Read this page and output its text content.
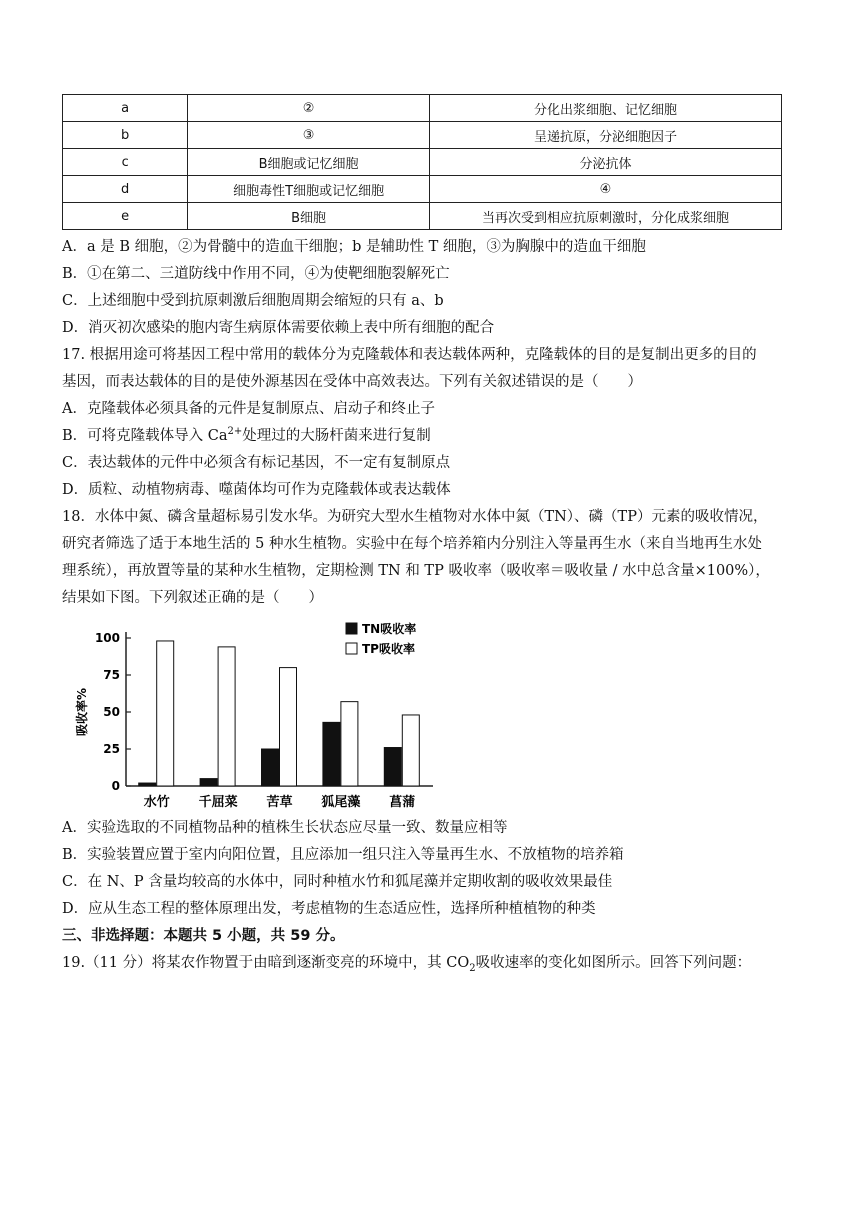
a	②	分化出浆细胞、记忆细胞
b	③	呈递抗原，分泌细胞因子
c	B细胞或记忆细胞	分泌抗体
d	细胞毒性T细胞或记忆细胞	④
e	B细胞	当再次受到相应抗原刺激时，分化成浆细胞
A．a 是 B 细胞，②为骨髓中的造血干细胞；b 是辅助性 T 细胞，③为胸腺中的造血干细胞
B．①在第二、三道防线中作用不同，④为使靶细胞裂解死亡
C．上述细胞中受到抗原刺激后细胞周期会缩短的只有 a、b
D．消灭初次感染的胞内寄生病原体需要依赖上表中所有细胞的配合
17. 根据用途可将基因工程中常用的载体分为克隆载体和表达载体两种，克隆载体的目的是复制出更多的目的
基因，而表达载体的目的是使外源基因在受体中高效表达。下列有关叙述错误的是（　　）
A．克隆载体必须具备的元件是复制原点、启动子和终止子
B．可将克隆载体导入 $Ca^{2+}$处理过的大肠杆菌来进行复制
C．表达载体的元件中必须含有标记基因，不一定有复制原点
D．质粒、动植物病毒、噬菌体均可作为克隆载体或表达载体
18．水体中氮、磷含量超标易引发水华。为研究大型水生植物对水体中氮（TN）、磷（TP）元素的吸收情况，
研究者筛选了适于本地生活的 5 种水生植物。实验中在每个培养箱内分别注入等量再生水（来自当地再生水处
理系统），再放置等量的某种水生植物，定期检测 TN 和 TP 吸收率（吸收率＝吸收量 / 水中总含量×100%），
结果如下图。下列叙述正确的是（　　）
0
25
50
75
100
吸收率%
水竹 千屈菜 苦草 狐尾藻 菖蒲
TN吸收率
TP吸收率
A．实验选取的不同植物品种的植株生长状态应尽量一致、数量应相等
B．实验装置应置于室内向阳位置，且应添加一组只注入等量再生水、不放植物的培养箱
C．在 N、P 含量均较高的水体中，同时种植水竹和狐尾藻并定期收割的吸收效果最佳
D．应从生态工程的整体原理出发，考虑植物的生态适应性，选择所种植植物的种类
三、非选择题：本题共 5 小题，共 59 分。
19.（11 分）将某农作物置于由暗到逐渐变亮的环境中，其 $CO_2$吸收速率的变化如图所示。回答下列问题：
